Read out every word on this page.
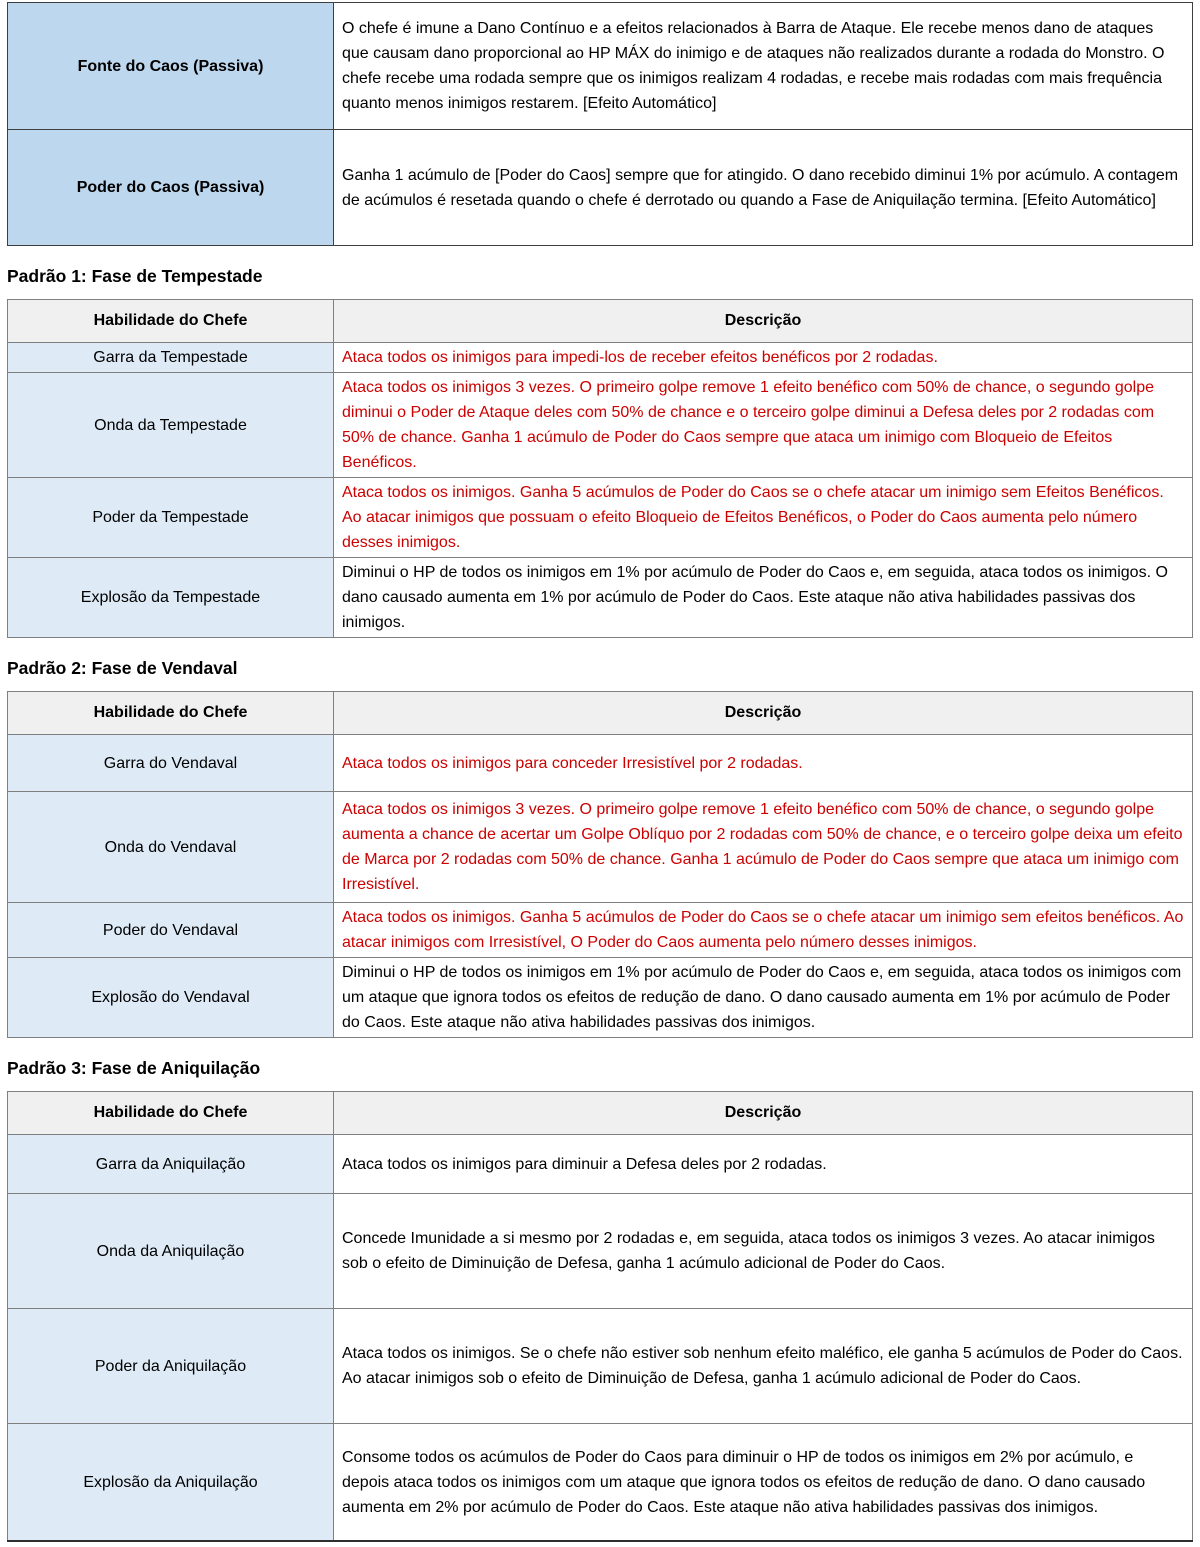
Fonte do Caos (Passiva)	O chefe é imune a Dano Contínuo e a efeitos relacionados à Barra de Ataque. Ele recebe menos dano de ataques que causam dano proporcional ao HP MÁX do inimigo e de ataques não realizados durante a rodada do Monstro. O chefe recebe uma rodada sempre que os inimigos realizam 4 rodadas, e recebe mais rodadas com mais frequência quanto menos inimigos restarem. [Efeito Automático]
Poder do Caos (Passiva)	Ganha 1 acúmulo de [Poder do Caos] sempre que for atingido. O dano recebido diminui 1% por acúmulo. A contagem de acúmulos é resetada quando o chefe é derrotado ou quando a Fase de Aniquilação termina. [Efeito Automático]
Padrão 1: Fase de Tempestade
Habilidade do Chefe	Descrição
Garra da Tempestade	Ataca todos os inimigos para impedi-los de receber efeitos benéficos por 2 rodadas.
Onda da Tempestade	Ataca todos os inimigos 3 vezes. O primeiro golpe remove 1 efeito benéfico com 50% de chance, o segundo golpe diminui o Poder de Ataque deles com 50% de chance e o terceiro golpe diminui a Defesa deles por 2 rodadas com 50% de chance. Ganha 1 acúmulo de Poder do Caos sempre que ataca um inimigo com Bloqueio de Efeitos Benéficos.
Poder da Tempestade	Ataca todos os inimigos. Ganha 5 acúmulos de Poder do Caos se o chefe atacar um inimigo sem Efeitos Benéficos. Ao atacar inimigos que possuam o efeito Bloqueio de Efeitos Benéficos, o Poder do Caos aumenta pelo número desses inimigos.
Explosão da Tempestade	Diminui o HP de todos os inimigos em 1% por acúmulo de Poder do Caos e, em seguida, ataca todos os inimigos. O dano causado aumenta em 1% por acúmulo de Poder do Caos. Este ataque não ativa habilidades passivas dos inimigos.
Padrão 2: Fase de Vendaval
Habilidade do Chefe	Descrição
Garra do Vendaval	Ataca todos os inimigos para conceder Irresistível por 2 rodadas.
Onda do Vendaval	Ataca todos os inimigos 3 vezes. O primeiro golpe remove 1 efeito benéfico com 50% de chance, o segundo golpe aumenta a chance de acertar um Golpe Oblíquo por 2 rodadas com 50% de chance, e o terceiro golpe deixa um efeito de Marca por 2 rodadas com 50% de chance. Ganha 1 acúmulo de Poder do Caos sempre que ataca um inimigo com Irresistível.
Poder do Vendaval	Ataca todos os inimigos. Ganha 5 acúmulos de Poder do Caos se o chefe atacar um inimigo sem efeitos benéficos. Ao atacar inimigos com Irresistível, O Poder do Caos aumenta pelo número desses inimigos.
Explosão do Vendaval	Diminui o HP de todos os inimigos em 1% por acúmulo de Poder do Caos e, em seguida, ataca todos os inimigos com um ataque que ignora todos os efeitos de redução de dano. O dano causado aumenta em 1% por acúmulo de Poder do Caos. Este ataque não ativa habilidades passivas dos inimigos.
Padrão 3: Fase de Aniquilação
Habilidade do Chefe	Descrição
Garra da Aniquilação	Ataca todos os inimigos para diminuir a Defesa deles por 2 rodadas.
Onda da Aniquilação	Concede Imunidade a si mesmo por 2 rodadas e, em seguida, ataca todos os inimigos 3 vezes. Ao atacar inimigos sob o efeito de Diminuição de Defesa, ganha 1 acúmulo adicional de Poder do Caos.
Poder da Aniquilação	Ataca todos os inimigos. Se o chefe não estiver sob nenhum efeito maléfico, ele ganha 5 acúmulos de Poder do Caos. Ao atacar inimigos sob o efeito de Diminuição de Defesa, ganha 1 acúmulo adicional de Poder do Caos.
Explosão da Aniquilação	Consome todos os acúmulos de Poder do Caos para diminuir o HP de todos os inimigos em 2% por acúmulo, e depois ataca todos os inimigos com um ataque que ignora todos os efeitos de redução de dano. O dano causado aumenta em 2% por acúmulo de Poder do Caos. Este ataque não ativa habilidades passivas dos inimigos.
